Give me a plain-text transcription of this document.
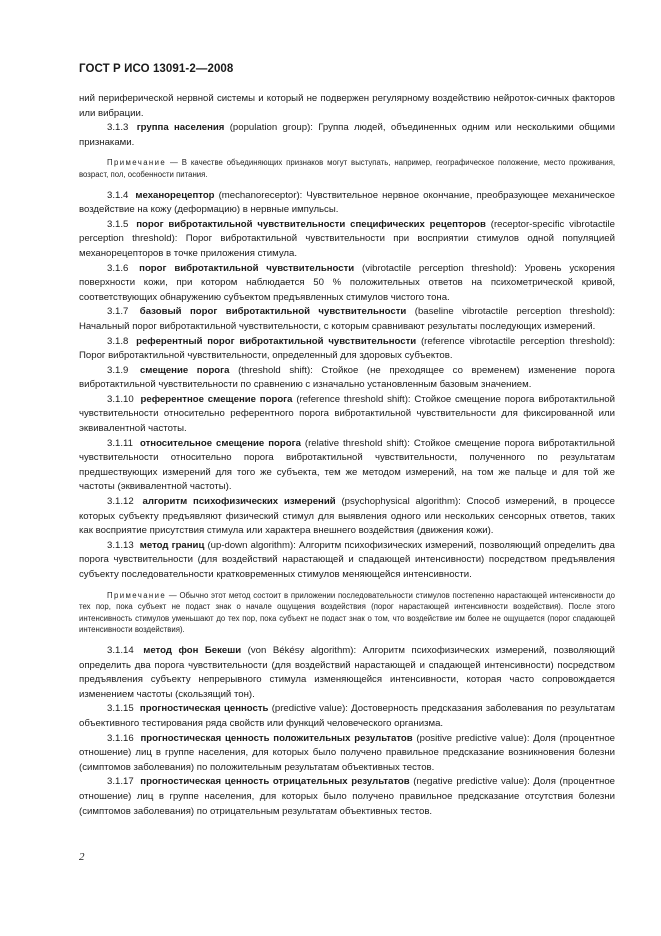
ГОСТ Р ИСО 13091-2—2008

ний периферической нервной системы и который не подвержен регулярному воздействию нейроток-сичных факторов или вибрации.

3.1.3 группа населения (population group): Группа людей, объединенных одним или несколькими общими признаками.

Примечание — В качестве объединяющих признаков могут выступать, например, географическое положение, место проживания, возраст, пол, особенности питания.

3.1.4 механорецептор (mechanoreceptor): Чувствительное нервное окончание, преобразующее механическое воздействие на кожу (деформацию) в нервные импульсы.

3.1.5 порог вибротактильной чувствительности специфических рецепторов (receptor-specific vibrotactile perception threshold): Порог вибротактильной чувствительности при восприятии стимулов одной популяцией механорецепторов в точке приложения стимула.

3.1.6 порог вибротактильной чувствительности (vibrotactile perception threshold): Уровень ускорения поверхности кожи, при котором наблюдается 50 % положительных ответов на психометрической кривой, соответствующих обнаружению субъектом предъявленных стимулов чистого тона.

3.1.7 базовый порог вибротактильной чувствительности (baseline vibrotactile perception threshold): Начальный порог вибротактильной чувствительности, с которым сравнивают результаты последующих измерений.

3.1.8 референтный порог вибротактильной чувствительности (reference vibrotactile perception threshold): Порог вибротактильной чувствительности, определенный для здоровых субъектов.

3.1.9 смещение порога (threshold shift): Стойкое (не преходящее со временем) изменение порога вибротактильной чувствительности по сравнению с изначально установленным базовым значением.

3.1.10 референтное смещение порога (reference threshold shift): Стойкое смещение порога вибротактильной чувствительности относительно референтного порога вибротактильной чувствительности для фиксированной или эквивалентной частоты.

3.1.11 относительное смещение порога (relative threshold shift): Стойкое смещение порога вибротактильной чувствительности относительно порога вибротактильной чувствительности, полученного по результатам предшествующих измерений для того же субъекта, тем же методом измерений, на том же пальце и для той же частоты (эквивалентной частоты).

3.1.12 алгоритм психофизических измерений (psychophysical algorithm): Способ измерений, в процессе которых субъекту предъявляют физический стимул для выявления одного или нескольких сенсорных ответов, таких как восприятие присутствия стимула или характера внешнего воздействия (движения кожи).

3.1.13 метод границ (up-down algorithm): Алгоритм психофизических измерений, позволяющий определить два порога чувствительности (для воздействий нарастающей и спадающей интенсивности) посредством предъявления субъекту последовательности кратковременных стимулов меняющейся интенсивности.

Примечание — Обычно этот метод состоит в приложении последовательности стимулов постепенно нарастающей интенсивности до тех пор, пока субъект не подаст знак о начале ощущения воздействия (порог нарастающей интенсивности воздействия). После этого интенсивность стимулов уменьшают до тех пор, пока субъект не подаст знак о том, что воздействие им более не ощущается (порог спадающей интенсивности воздействия).

3.1.14 метод фон Бекеши (von Békésy algorithm): Алгоритм психофизических измерений, позволяющий определить два порога чувствительности (для воздействий нарастающей и спадающей интенсивности) посредством предъявления субъекту непрерывного стимула изменяющейся интенсивности, которая часто сопровождается изменением частоты (скользящий тон).

3.1.15 прогностическая ценность (predictive value): Достоверность предсказания заболевания по результатам объективного тестирования ряда свойств или функций человеческого организма.

3.1.16 прогностическая ценность положительных результатов (positive predictive value): Доля (процентное отношение) лиц в группе населения, для которых было получено правильное предсказание возникновения болезни (симптомов заболевания) по положительным результатам объективных тестов.

3.1.17 прогностическая ценность отрицательных результатов (negative predictive value): Доля (процентное отношение) лиц в группе населения, для которых было получено правильное предсказание отсутствия болезни (симптомов заболевания) по отрицательным результатам объективных тестов.

2
